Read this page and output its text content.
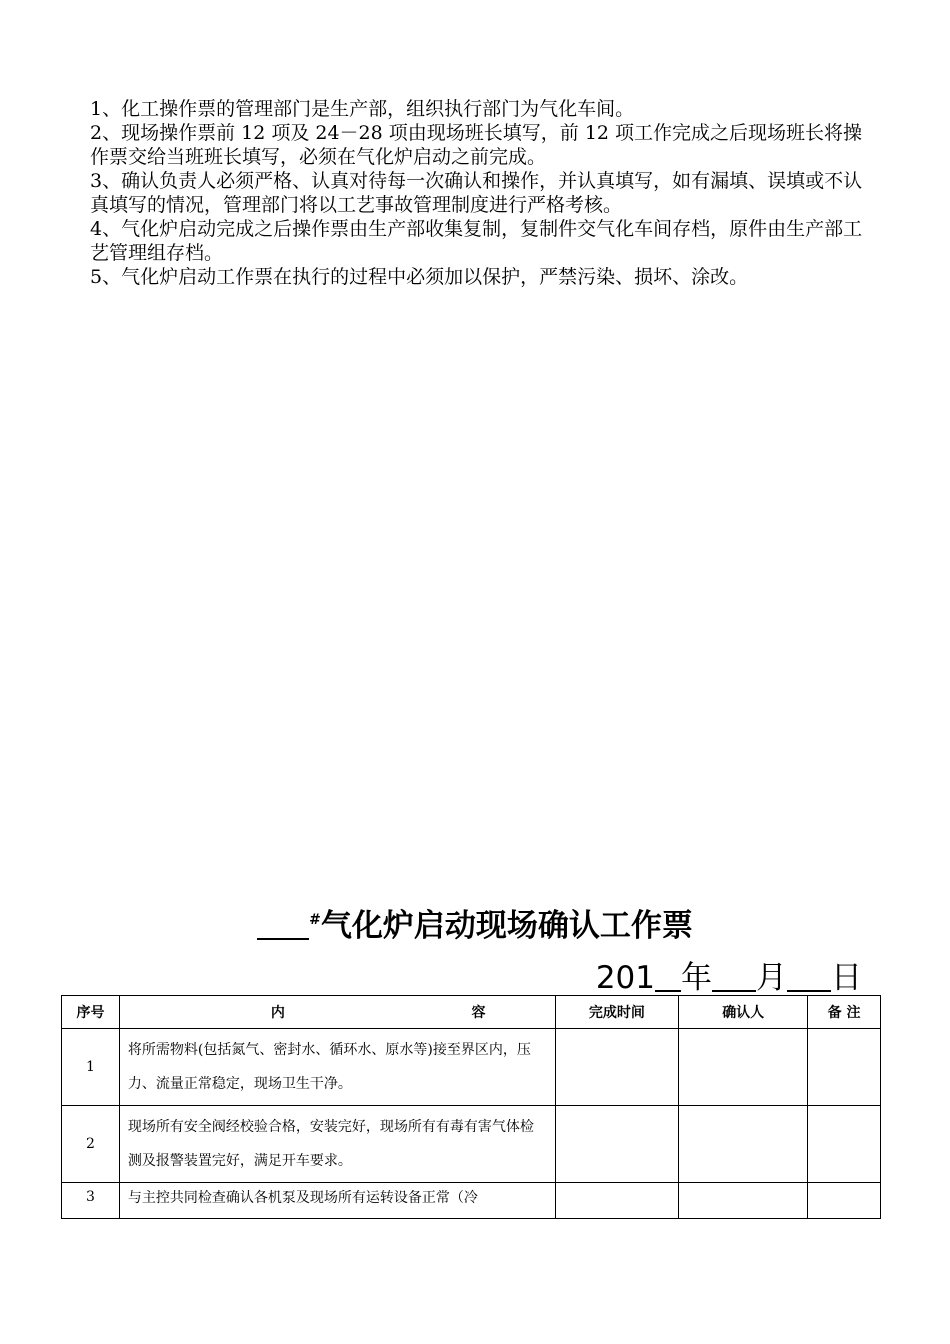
1、化工操作票的管理部门是生产部，组织执行部门为气化车间。

2、现场操作票前 12 项及 24－28 项由现场班长填写，前 12 项工作完成之后现场班长将操作票交给当班班长填写，必须在气化炉启动之前完成。

3、确认负责人必须严格、认真对待每一次确认和操作，并认真填写，如有漏填、误填或不认真填写的情况，管理部门将以工艺事故管理制度进行严格考核。

4、气化炉启动完成之后操作票由生产部收集复制，复制件交气化车间存档，原件由生产部工艺管理组存档。

5、气化炉启动工作票在执行的过程中必须加以保护，严禁污染、损坏、涂改。

#气化炉启动现场确认工作票
201 年 月 日
序号	内 容	完成时间	确认人	备 注
1	将所需物料(包括氮气、密封水、循环水、原水等)接至界区内，压力、流量正常稳定，现场卫生干净。			
2	现场所有安全阀经校验合格，安装完好，现场所有有毒有害气体检测及报警装置完好，满足开车要求。			
3	与主控共同检查确认各机泵及现场所有运转设备正常（冷			
